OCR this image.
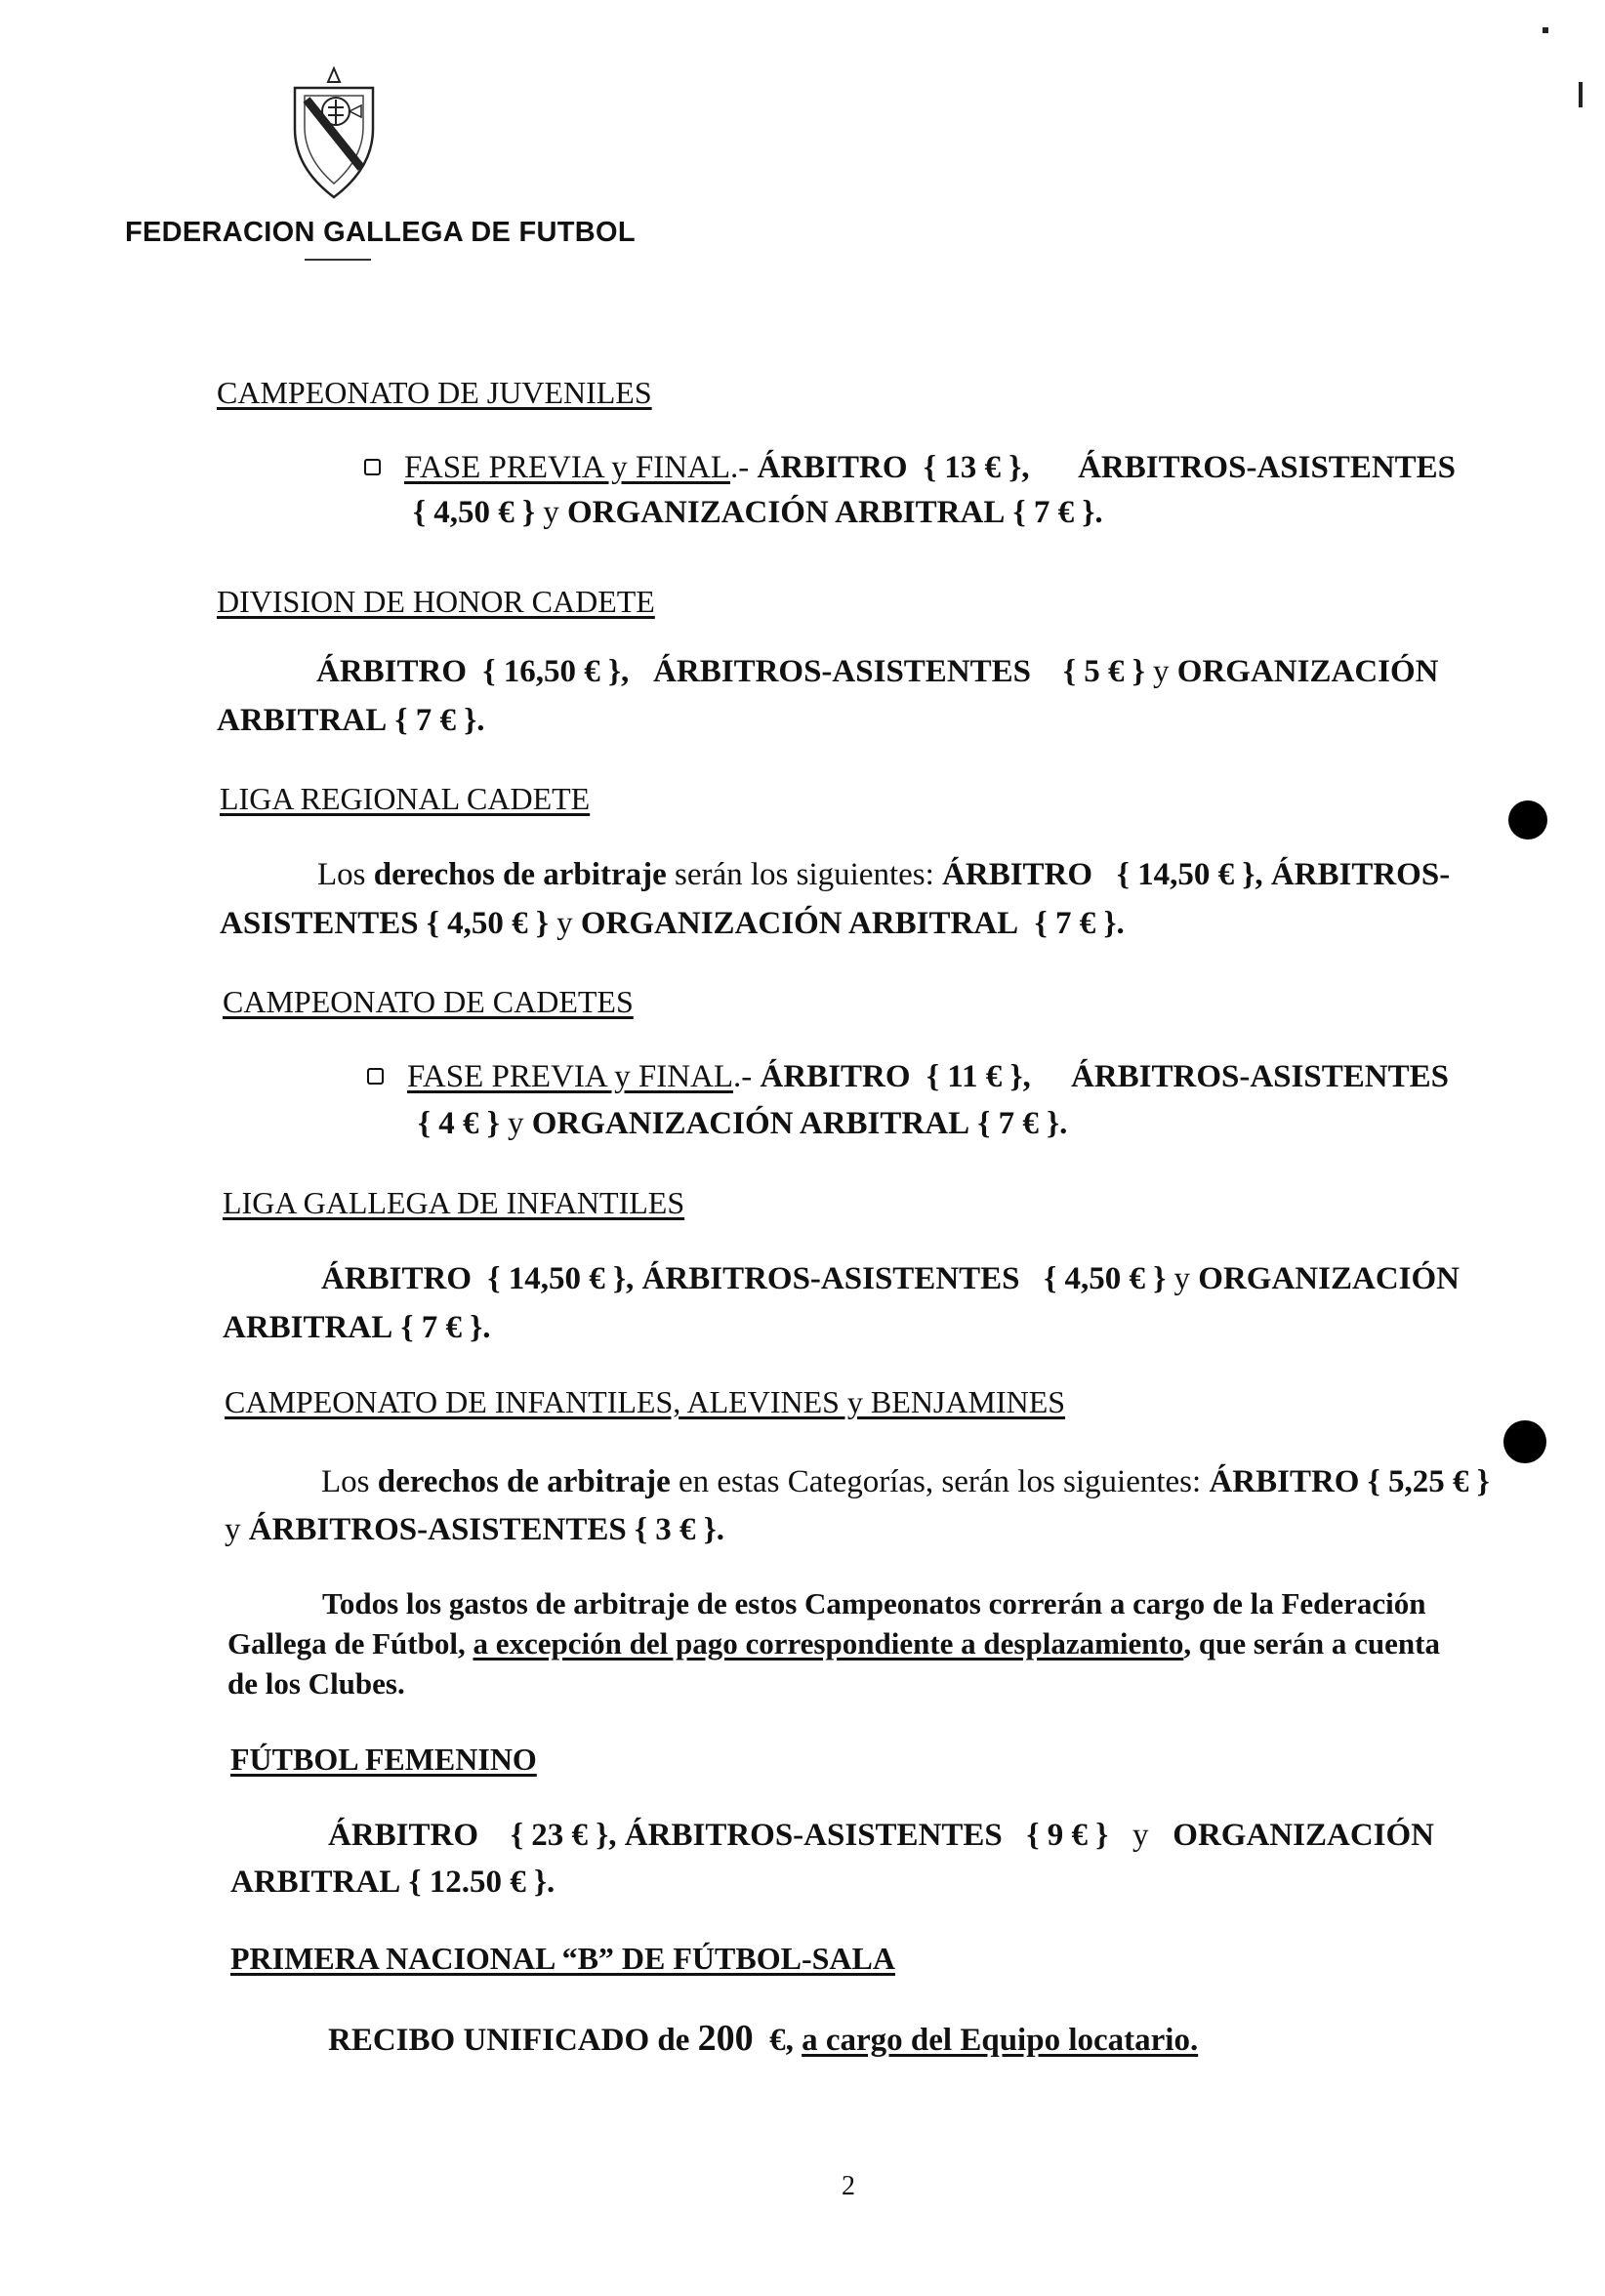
FEDERACION GALLEGA DE FUTBOL
CAMPEONATO DE JUVENILES
FASE PREVIA y FINAL.- ÁRBITRO { 13 € }, ÁRBITROS-ASISTENTES
{ 4,50 € } y ORGANIZACIÓN ARBITRAL { 7 € }.
DIVISION DE HONOR CADETE
ÁRBITRO { 16,50 € }, ÁRBITROS-ASISTENTES { 5 € } y ORGANIZACIÓN
ARBITRAL { 7 € }.
LIGA REGIONAL CADETE
Los derechos de arbitraje serán los siguientes: ÁRBITRO { 14,50 € }, ÁRBITROS-
ASISTENTES { 4,50 € } y ORGANIZACIÓN ARBITRAL { 7 € }.
CAMPEONATO DE CADETES
FASE PREVIA y FINAL.- ÁRBITRO { 11 € }, ÁRBITROS-ASISTENTES
{ 4 € } y ORGANIZACIÓN ARBITRAL { 7 € }.
LIGA GALLEGA DE INFANTILES
ÁRBITRO { 14,50 € }, ÁRBITROS-ASISTENTES { 4,50 € } y ORGANIZACIÓN
ARBITRAL { 7 € }.
CAMPEONATO DE INFANTILES, ALEVINES y BENJAMINES
Los derechos de arbitraje en estas Categorías, serán los siguientes: ÁRBITRO { 5,25 € }
y ÁRBITROS-ASISTENTES { 3 € }.
Todos los gastos de arbitraje de estos Campeonatos correrán a cargo de la Federación
Gallega de Fútbol, a excepción del pago correspondiente a desplazamiento, que serán a cuenta
de los Clubes.
FÚTBOL FEMENINO
ÁRBITRO { 23 € }, ÁRBITROS-ASISTENTES { 9 € } y ORGANIZACIÓN
ARBITRAL { 12.50 € }.
PRIMERA NACIONAL “B” DE FÚTBOL-SALA
RECIBO UNIFICADO de 200 €, a cargo del Equipo locatario.
2
